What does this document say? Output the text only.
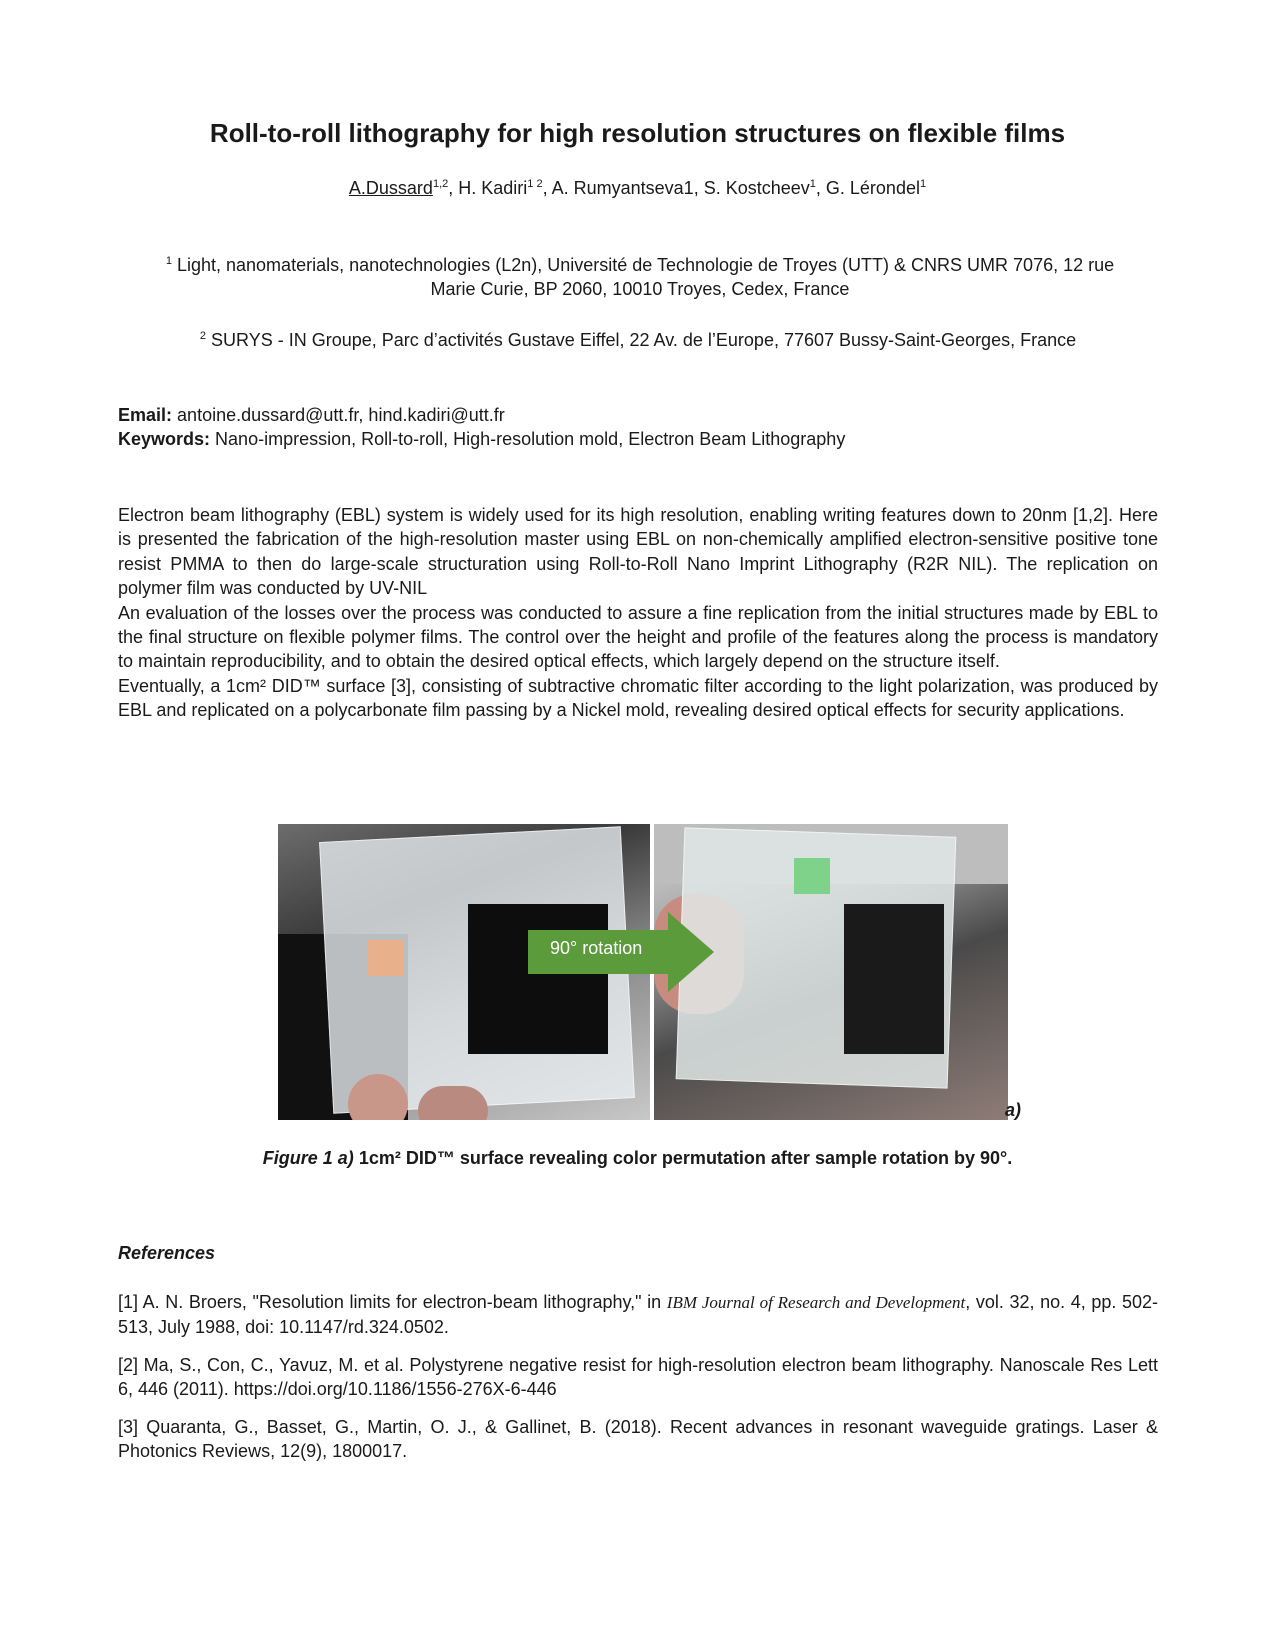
Roll-to-roll lithography for high resolution structures on flexible films
A.Dussard$^{1,2}$, H. Kadiri$^{1 2}$, A. Rumyantseva1, S. Kostcheev$^1$, G. Lérondel$^1$
$^1$ Light, nanomaterials, nanotechnologies (L2n), Université de Technologie de Troyes (UTT) & CNRS UMR 7076, 12 rue Marie Curie, BP 2060, 10010 Troyes, Cedex, France
$^2$ SURYS - IN Groupe, Parc d’activités Gustave Eiffel, 22 Av. de l’Europe, 77607 Bussy-Saint-Georges, France
Email: antoine.dussard@utt.fr, hind.kadiri@utt.fr
Keywords: Nano-impression, Roll-to-roll, High-resolution mold, Electron Beam Lithography

Electron beam lithography (EBL) system is widely used for its high resolution, enabling writing features down to 20nm [1,2]. Here is presented the fabrication of the high-resolution master using EBL on non-chemically amplified electron-sensitive positive tone resist PMMA to then do large-scale structuration using Roll-to-Roll Nano Imprint Lithography (R2R NIL). The replication on polymer film was conducted by UV-NIL

An evaluation of the losses over the process was conducted to assure a fine replication from the initial structures made by EBL to the final structure on flexible polymer films. The control over the height and profile of the features along the process is mandatory to maintain reproducibility, and to obtain the desired optical effects, which largely depend on the structure itself.

Eventually, a 1cm² DID™ surface [3], consisting of subtractive chromatic filter according to the light polarization, was produced by EBL and replicated on a polycarbonate film passing by a Nickel mold, revealing desired optical effects for security applications.

90° rotation
a)
Figure 1 a) 1cm² DID™ surface revealing color permutation after sample rotation by 90°.
References

[1] A. N. Broers, "Resolution limits for electron-beam lithography," in IBM Journal of Research and Development, vol. 32, no. 4, pp. 502-513, July 1988, doi: 10.1147/rd.324.0502.

[2] Ma, S., Con, C., Yavuz, M. et al. Polystyrene negative resist for high-resolution electron beam lithography. Nanoscale Res Lett 6, 446 (2011). https://doi.org/10.1186/1556-276X-6-446

[3] Quaranta, G., Basset, G., Martin, O. J., & Gallinet, B. (2018). Recent advances in resonant waveguide gratings. Laser & Photonics Reviews, 12(9), 1800017.
